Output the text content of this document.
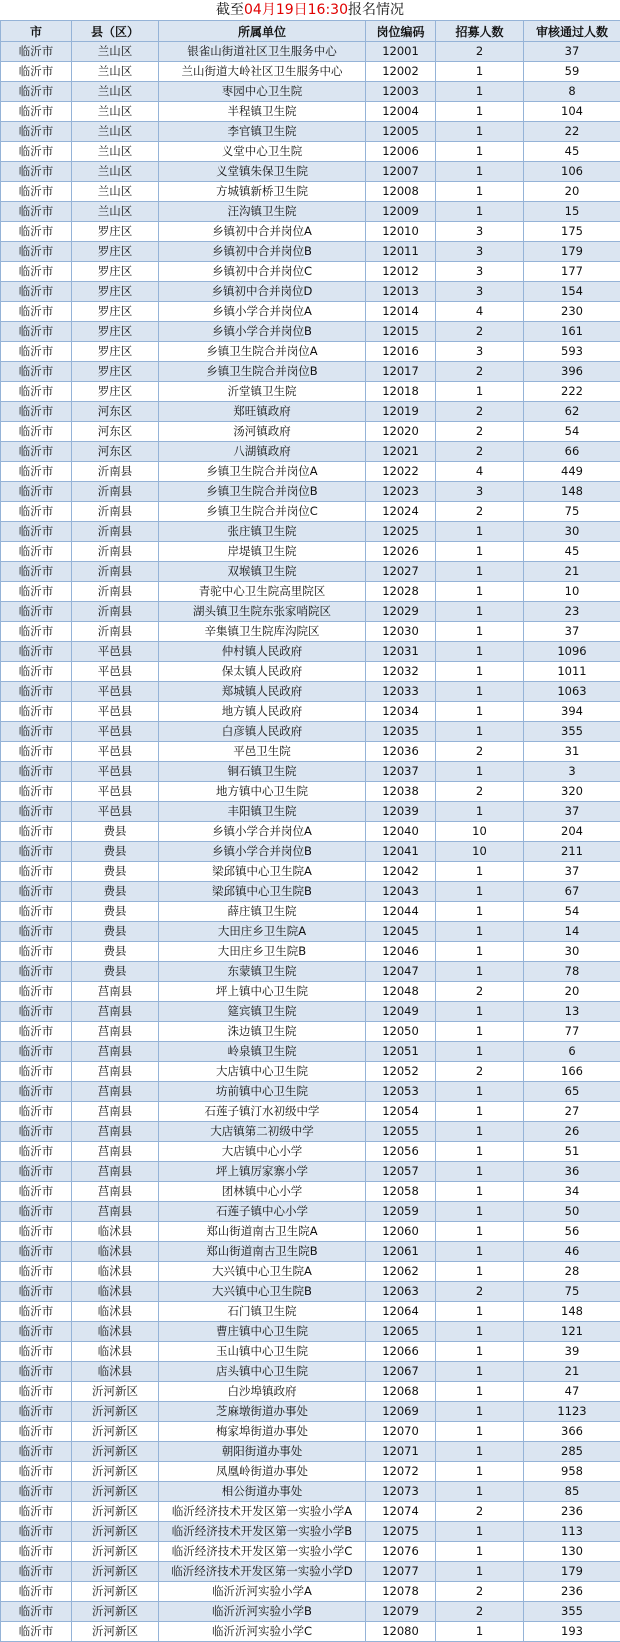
截至04月19日16:30报名情况
市	县（区）	所属单位	岗位编码	招募人数	审核通过人数
临沂市	兰山区	银雀山街道社区卫生服务中心	12001	2	37
临沂市	兰山区	兰山街道大岭社区卫生服务中心	12002	1	59
临沂市	兰山区	枣园中心卫生院	12003	1	8
临沂市	兰山区	半程镇卫生院	12004	1	104
临沂市	兰山区	李官镇卫生院	12005	1	22
临沂市	兰山区	义堂中心卫生院	12006	1	45
临沂市	兰山区	义堂镇朱保卫生院	12007	1	106
临沂市	兰山区	方城镇新桥卫生院	12008	1	20
临沂市	兰山区	汪沟镇卫生院	12009	1	15
临沂市	罗庄区	乡镇初中合并岗位A	12010	3	175
临沂市	罗庄区	乡镇初中合并岗位B	12011	3	179
临沂市	罗庄区	乡镇初中合并岗位C	12012	3	177
临沂市	罗庄区	乡镇初中合并岗位D	12013	3	154
临沂市	罗庄区	乡镇小学合并岗位A	12014	4	230
临沂市	罗庄区	乡镇小学合并岗位B	12015	2	161
临沂市	罗庄区	乡镇卫生院合并岗位A	12016	3	593
临沂市	罗庄区	乡镇卫生院合并岗位B	12017	2	396
临沂市	罗庄区	沂堂镇卫生院	12018	1	222
临沂市	河东区	郑旺镇政府	12019	2	62
临沂市	河东区	汤河镇政府	12020	2	54
临沂市	河东区	八湖镇政府	12021	2	66
临沂市	沂南县	乡镇卫生院合并岗位A	12022	4	449
临沂市	沂南县	乡镇卫生院合并岗位B	12023	3	148
临沂市	沂南县	乡镇卫生院合并岗位C	12024	2	75
临沂市	沂南县	张庄镇卫生院	12025	1	30
临沂市	沂南县	岸堤镇卫生院	12026	1	45
临沂市	沂南县	双堠镇卫生院	12027	1	21
临沂市	沂南县	青驼中心卫生院高里院区	12028	1	10
临沂市	沂南县	湖头镇卫生院东张家哨院区	12029	1	23
临沂市	沂南县	辛集镇卫生院库沟院区	12030	1	37
临沂市	平邑县	仲村镇人民政府	12031	1	1096
临沂市	平邑县	保太镇人民政府	12032	1	1011
临沂市	平邑县	郑城镇人民政府	12033	1	1063
临沂市	平邑县	地方镇人民政府	12034	1	394
临沂市	平邑县	白彦镇人民政府	12035	1	355
临沂市	平邑县	平邑卫生院	12036	2	31
临沂市	平邑县	铜石镇卫生院	12037	1	3
临沂市	平邑县	地方镇中心卫生院	12038	2	320
临沂市	平邑县	丰阳镇卫生院	12039	1	37
临沂市	费县	乡镇小学合并岗位A	12040	10	204
临沂市	费县	乡镇小学合并岗位B	12041	10	211
临沂市	费县	梁邱镇中心卫生院A	12042	1	37
临沂市	费县	梁邱镇中心卫生院B	12043	1	67
临沂市	费县	薛庄镇卫生院	12044	1	54
临沂市	费县	大田庄乡卫生院A	12045	1	14
临沂市	费县	大田庄乡卫生院B	12046	1	30
临沂市	费县	东蒙镇卫生院	12047	1	78
临沂市	莒南县	坪上镇中心卫生院	12048	2	20
临沂市	莒南县	筵宾镇卫生院	12049	1	13
临沂市	莒南县	洙边镇卫生院	12050	1	77
临沂市	莒南县	岭泉镇卫生院	12051	1	6
临沂市	莒南县	大店镇中心卫生院	12052	2	166
临沂市	莒南县	坊前镇中心卫生院	12053	1	65
临沂市	莒南县	石莲子镇汀水初级中学	12054	1	27
临沂市	莒南县	大店镇第二初级中学	12055	1	26
临沂市	莒南县	大店镇中心小学	12056	1	51
临沂市	莒南县	坪上镇厉家寨小学	12057	1	36
临沂市	莒南县	团林镇中心小学	12058	1	34
临沂市	莒南县	石莲子镇中心小学	12059	1	50
临沂市	临沭县	郑山街道南古卫生院A	12060	1	56
临沂市	临沭县	郑山街道南古卫生院B	12061	1	46
临沂市	临沭县	大兴镇中心卫生院A	12062	1	28
临沂市	临沭县	大兴镇中心卫生院B	12063	2	75
临沂市	临沭县	石门镇卫生院	12064	1	148
临沂市	临沭县	曹庄镇中心卫生院	12065	1	121
临沂市	临沭县	玉山镇中心卫生院	12066	1	39
临沂市	临沭县	店头镇中心卫生院	12067	1	21
临沂市	沂河新区	白沙埠镇政府	12068	1	47
临沂市	沂河新区	芝麻墩街道办事处	12069	1	1123
临沂市	沂河新区	梅家埠街道办事处	12070	1	366
临沂市	沂河新区	朝阳街道办事处	12071	1	285
临沂市	沂河新区	凤凰岭街道办事处	12072	1	958
临沂市	沂河新区	相公街道办事处	12073	1	85
临沂市	沂河新区	临沂经济技术开发区第一实验小学A	12074	2	236
临沂市	沂河新区	临沂经济技术开发区第一实验小学B	12075	1	113
临沂市	沂河新区	临沂经济技术开发区第一实验小学C	12076	1	130
临沂市	沂河新区	临沂经济技术开发区第一实验小学D	12077	1	179
临沂市	沂河新区	临沂沂河实验小学A	12078	2	236
临沂市	沂河新区	临沂沂河实验小学B	12079	2	355
临沂市	沂河新区	临沂沂河实验小学C	12080	1	193
